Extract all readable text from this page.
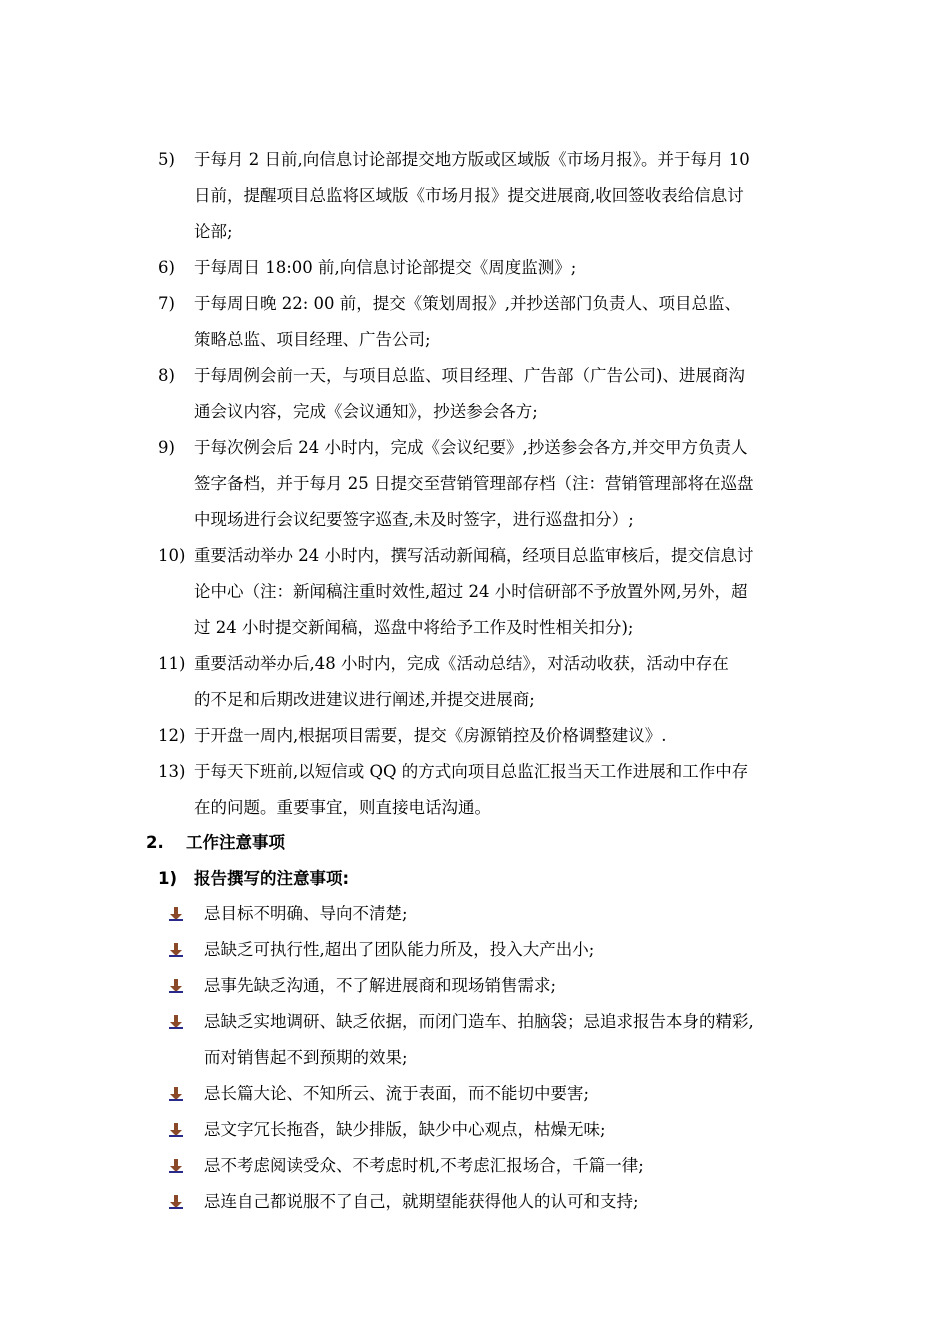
5)	于每月 2 日前,向信息讨论部提交地方版或区域版《市场月报》。并于每月 10
日前，提醒项目总监将区域版《市场月报》提交进展商,收回签收表给信息讨
论部;
6)	于每周日 18:00 前,向信息讨论部提交《周度监测》;
7)	于每周日晚 22: 00 前，提交《策划周报》,并抄送部门负责人、项目总监、
策略总监、项目经理、广告公司;
8)	于每周例会前一天，与项目总监、项目经理、广告部（广告公司)、进展商沟
通会议内容，完成《会议通知》，抄送参会各方;
9)	于每次例会后 24 小时内，完成《会议纪要》,抄送参会各方,并交甲方负责人
签字备档，并于每月 25 日提交至营销管理部存档（注：营销管理部将在巡盘
中现场进行会议纪要签字巡查,未及时签字，进行巡盘扣分）;
10) 重要活动举办 24 小时内，撰写活动新闻稿，经项目总监审核后，提交信息讨
论中心（注：新闻稿注重时效性,超过 24 小时信研部不予放置外网,另外，超
过 24 小时提交新闻稿，巡盘中将给予工作及时性相关扣分);
11) 重要活动举办后,48 小时内，完成《活动总结》，对活动收获，活动中存在
的不足和后期改进建议进行阐述,并提交进展商;
12) 于开盘一周内,根据项目需要，提交《房源销控及价格调整建议》.
13) 于每天下班前,以短信或 QQ 的方式向项目总监汇报当天工作进展和工作中存
在的问题。重要事宜，则直接电话沟通。
2. 工作注意事项
1) 报告撰写的注意事项:
忌目标不明确、导向不清楚;
忌缺乏可执行性,超出了团队能力所及，投入大产出小;
忌事先缺乏沟通，不了解进展商和现场销售需求;
忌缺乏实地调研、缺乏依据，而闭门造车、拍脑袋；忌追求报告本身的精彩,
而对销售起不到预期的效果;
忌长篇大论、不知所云、流于表面，而不能切中要害;
忌文字冗长拖沓，缺少排版，缺少中心观点，枯燥无味;
忌不考虑阅读受众、不考虑时机,不考虑汇报场合，千篇一律;
忌连自己都说服不了自己，就期望能获得他人的认可和支持;
